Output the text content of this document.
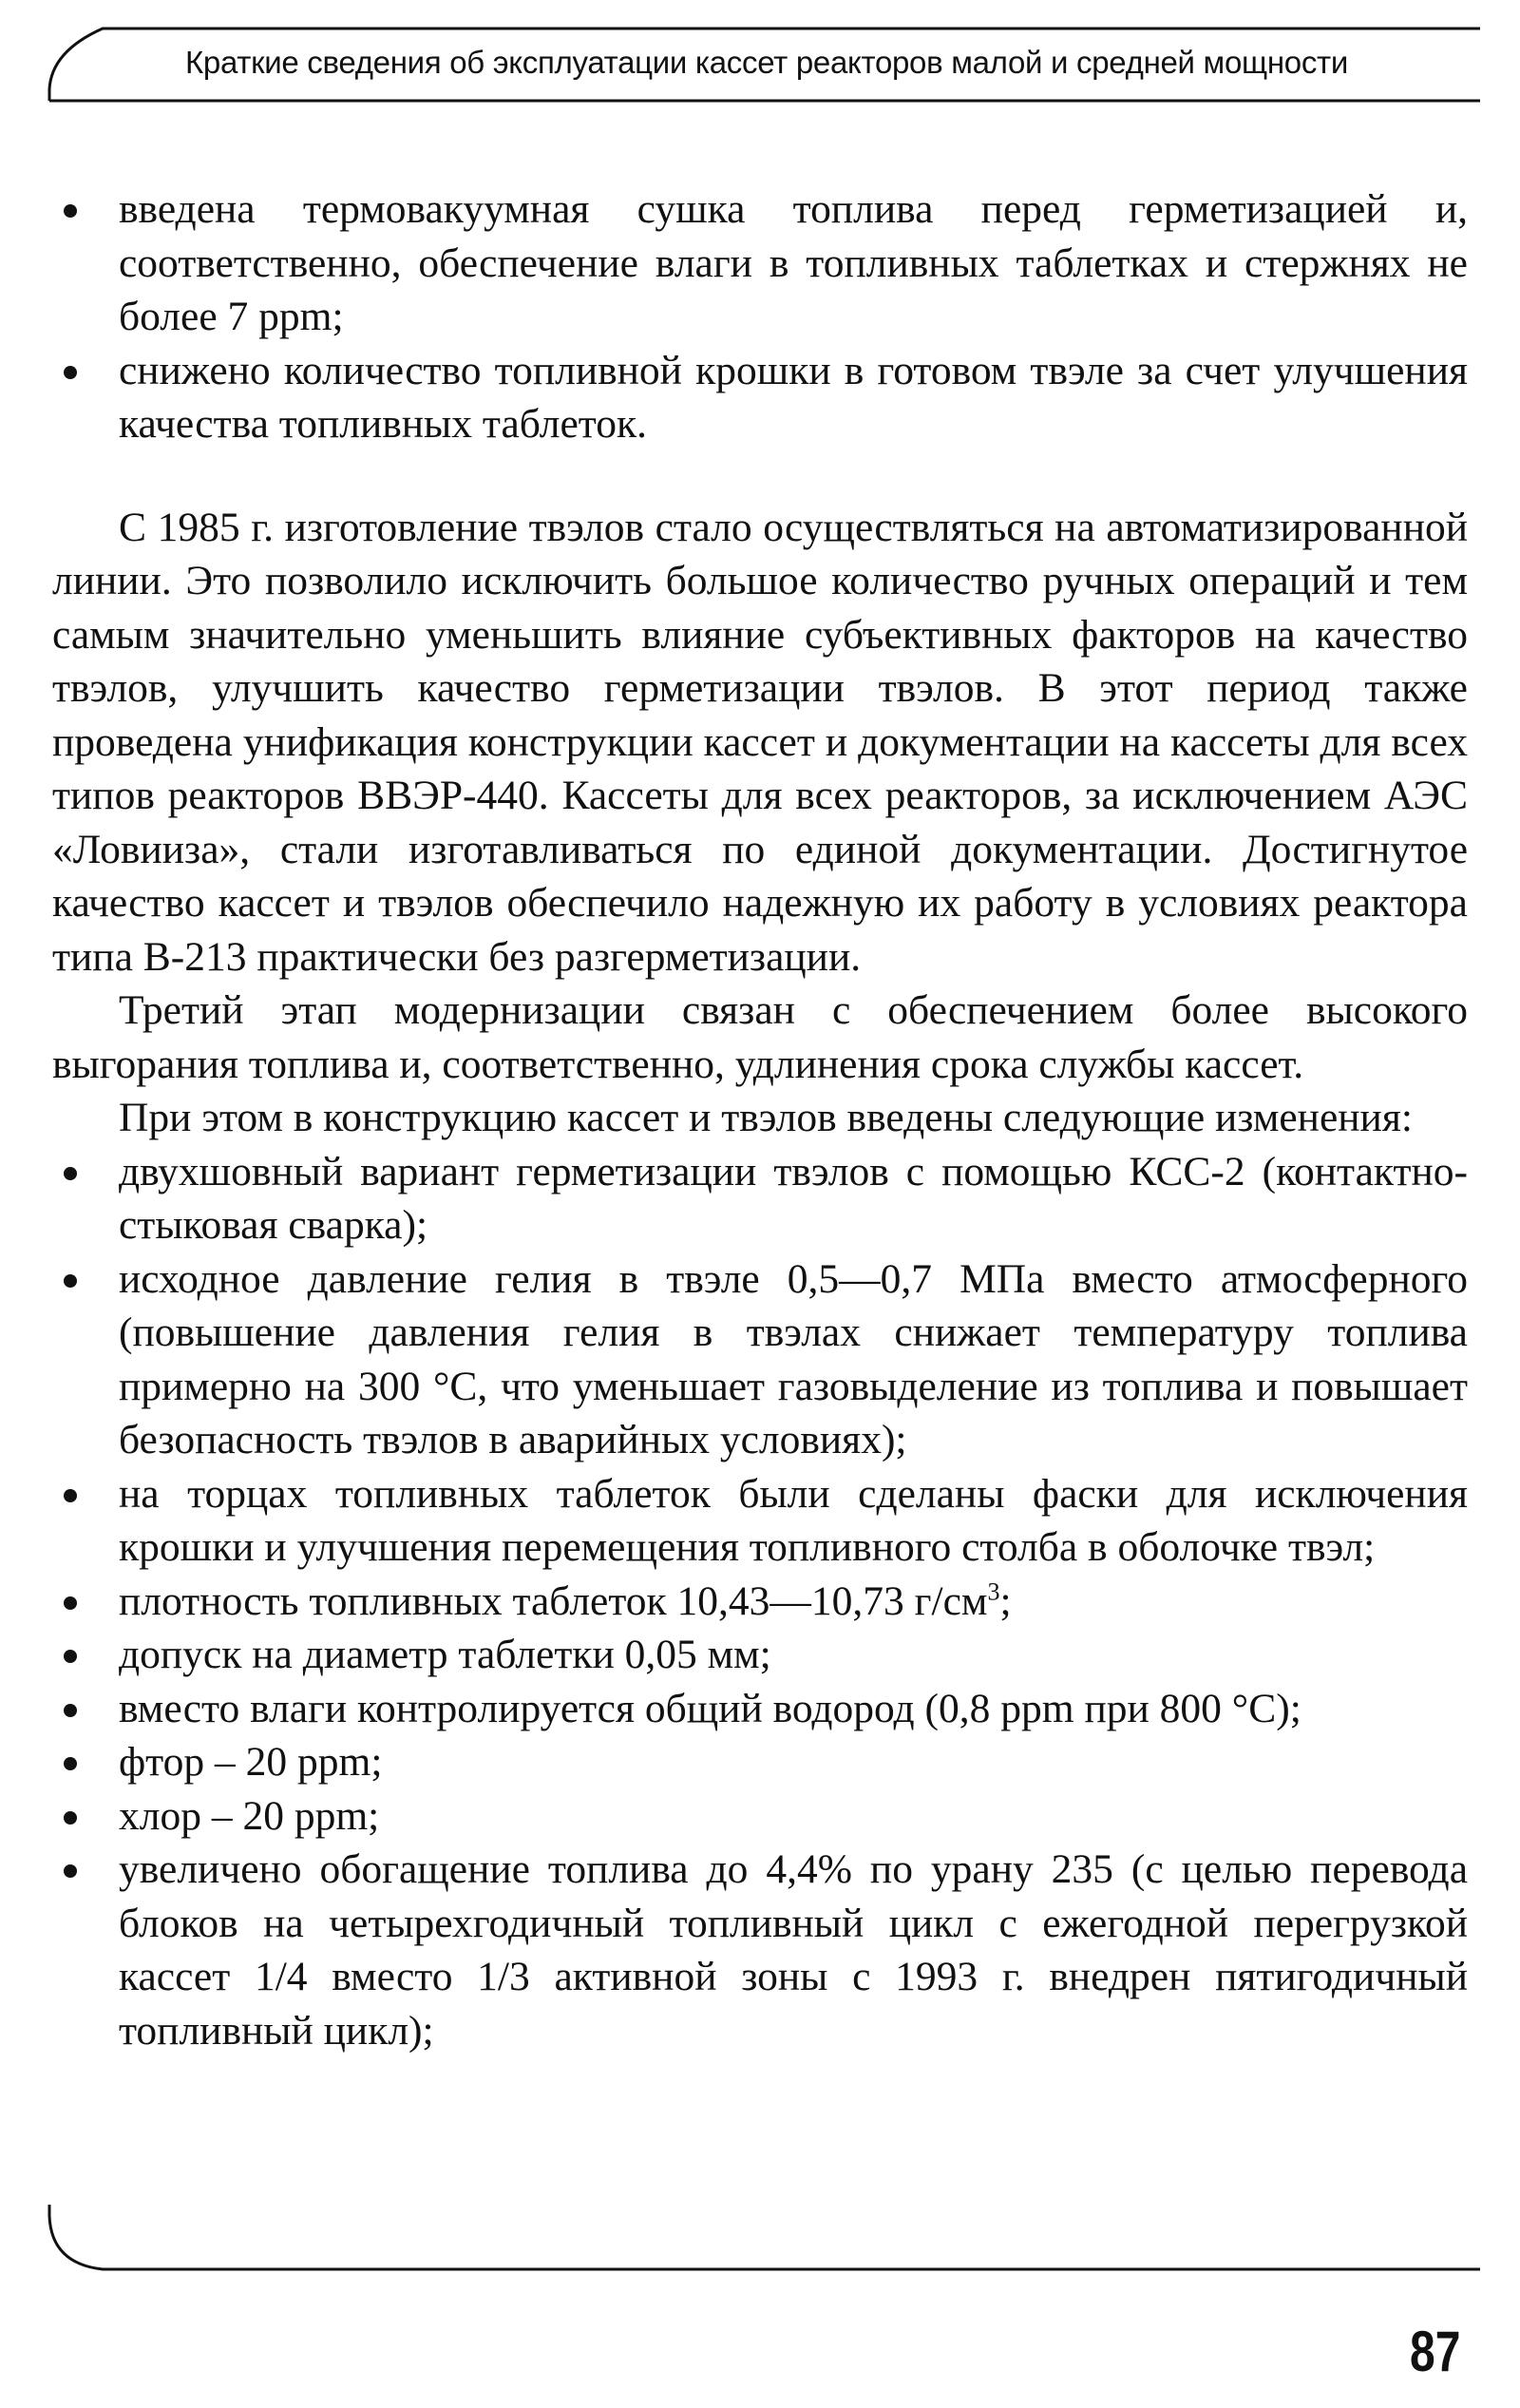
Краткие сведения об эксплуатации кассет реакторов малой и средней мощности
введена термовакуумная сушка топлива перед герметизацией и, соответственно, обеспечение влаги в топливных таблетках и стержнях не более 7 ppm;
снижено количество топливной крошки в готовом твэле за счет улучшения качества топливных таблеток.

С 1985 г. изготовление твэлов стало осуществляться на автоматизированной линии. Это позволило исключить большое количество ручных операций и тем самым значительно уменьшить влияние субъективных факторов на качество твэлов, улучшить качество герметизации твэлов. В этот период также проведена унификация конструкции кассет и документации на кассеты для всех типов реакторов ВВЭР-440. Кассеты для всех реакторов, за исключением АЭС «Ловииза», стали изготавливаться по единой документации. Достигнутое качество кассет и твэлов обеспечило надежную их работу в условиях реактора типа В-213 практически без разгерметизации.

Третий этап модернизации связан с обеспечением более высокого выгорания топлива и, соответственно, удлинения срока службы кассет.

При этом в конструкцию кассет и твэлов введены следующие изменения:

двухшовный вариант герметизации твэлов с помощью КСС-2 (контактно-стыковая сварка);
исходное давление гелия в твэле 0,5—0,7 МПа вместо атмосферного (повышение давления гелия в твэлах снижает температуру топлива примерно на 300 °С, что уменьшает газовыделение из топлива и повышает безопасность твэлов в аварийных условиях);
на торцах топливных таблеток были сделаны фаски для исключения крошки и улучшения перемещения топливного столба в оболочке твэл;
плотность топливных таблеток 10,43—10,73 $г/см^3$;
допуск на диаметр таблетки 0,05 мм;
вместо влаги контролируется общий водород (0,8 ppm при 800 °С);
фтор – 20 ppm;
хлор – 20 ppm;
увеличено обогащение топлива до 4,4% по урану 235 (с целью перевода блоков на четырехгодичный топливный цикл с ежегодной перегрузкой кассет 1/4 вместо 1/3 активной зоны с 1993 г. внедрен пятигодичный топливный цикл);
87
